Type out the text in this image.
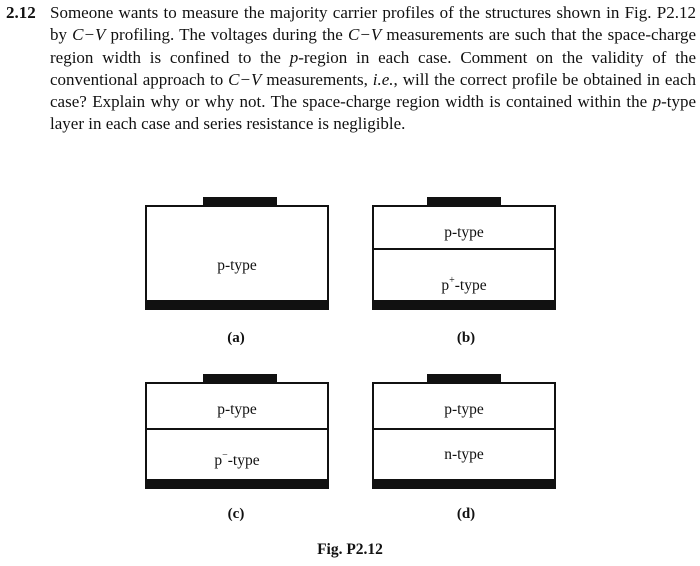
2.12 Someone wants to measure the majority carrier profiles of the structures shown in Fig. P2.12 by C−V profiling. The voltages during the C−V measurements are such that the space-charge region width is confined to the p-region in each case. Comment on the validity of the conventional approach to C−V measurements, i.e., will the correct profile be obtained in each case? Explain why or why not. The space-charge region width is contained within the p-type layer in each case and series resistance is negligible.
p-type
(a)
p-type
p+-type
(b)
p-type
p−-type
(c)
p-type
n-type
(d)
Fig. P2.12
